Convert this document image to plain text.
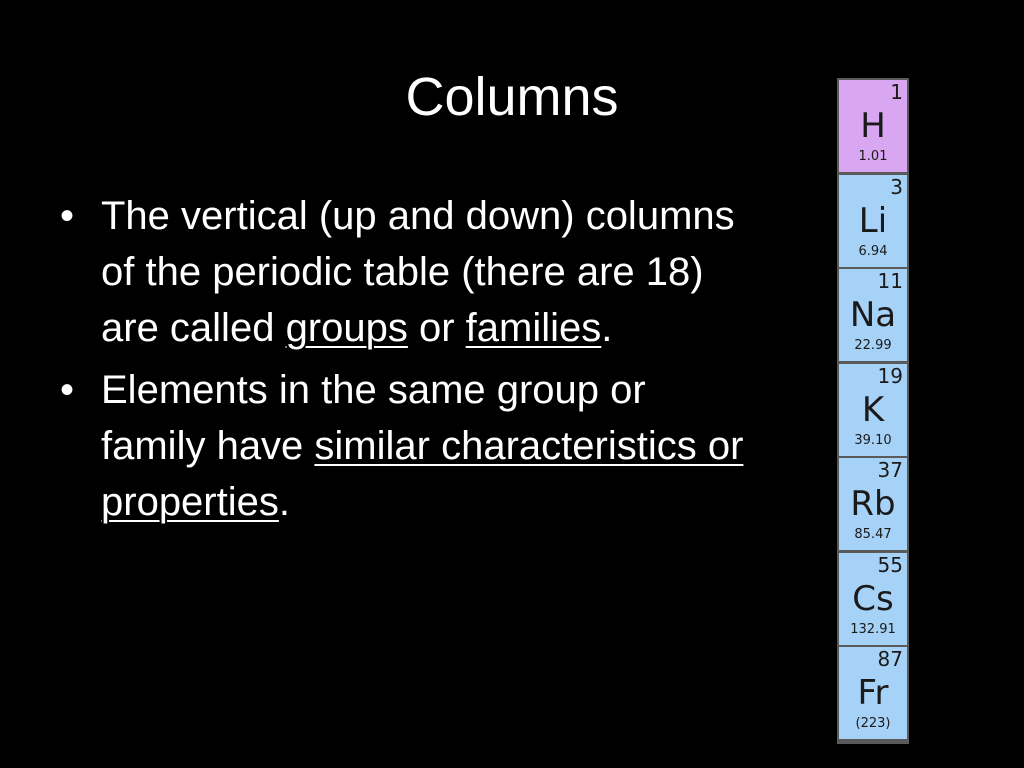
Columns
• The vertical (up and down) columns of the periodic table (there are 18) are called groups or families.
• Elements in the same group or family have similar characteristics or properties.
1
H
1.01
3
Li
6.94
11
Na
22.99
19
K
39.10
37
Rb
85.47
55
Cs
132.91
87
Fr
(223)
